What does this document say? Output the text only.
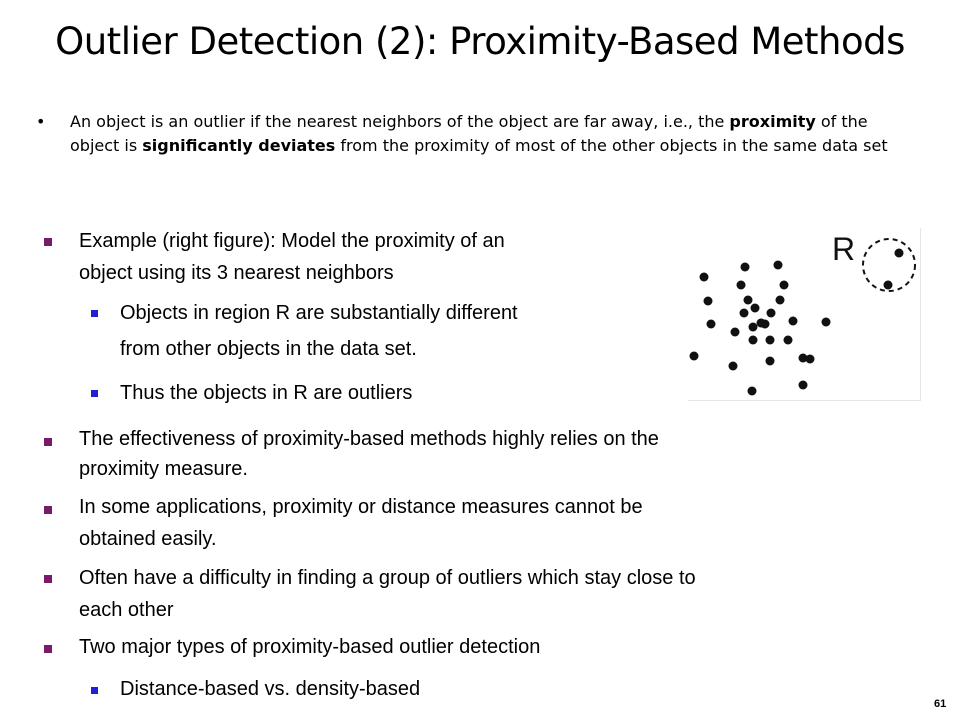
Outlier Detection (2): Proximity-Based Methods
• An object is an outlier if the nearest neighbors of the object are far away, i.e., the proximity of the object is significantly deviates from the proximity of most of the other objects in the same data set
Example (right figure): Model the proximity of an
object using its 3 nearest neighbors
Objects in region R are substantially different
from other objects in the data set.
Thus the objects in R are outliers
R
The effectiveness of proximity-based methods highly relies on the
proximity measure.
In some applications, proximity or distance measures cannot be
obtained easily.
Often have a difficulty in finding a group of outliers which stay close to
each other
Two major types of proximity-based outlier detection
Distance-based vs. density-based
61
